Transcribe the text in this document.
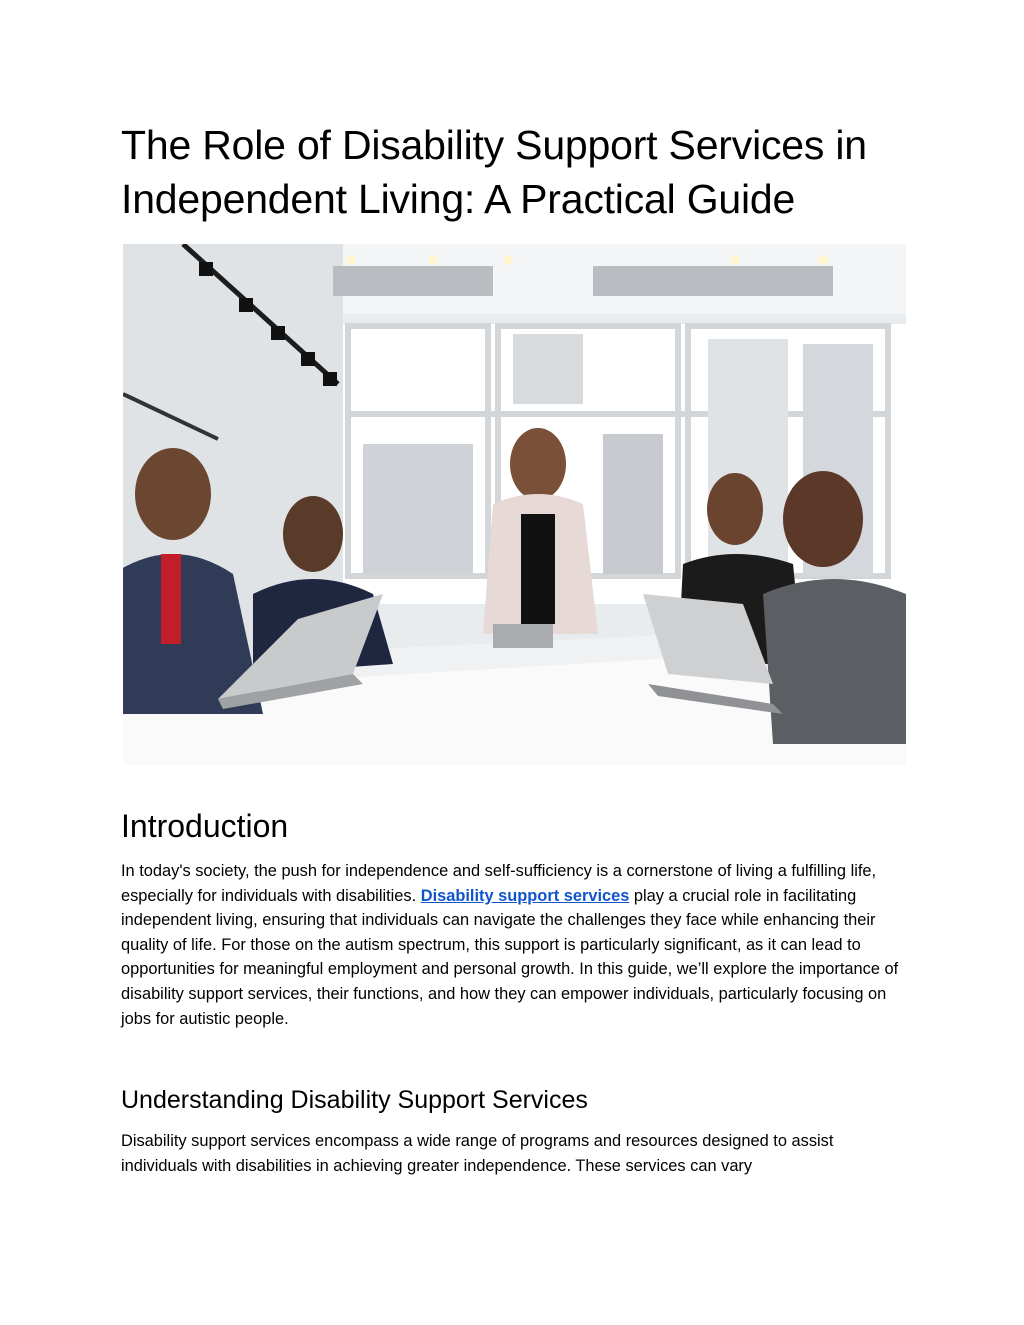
The Role of Disability Support Services in Independent Living: A Practical Guide
Introduction

In today's society, the push for independence and self-sufficiency is a cornerstone of living a fulfilling life, especially for individuals with disabilities. Disability support services play a crucial role in facilitating independent living, ensuring that individuals can navigate the challenges they face while enhancing their quality of life. For those on the autism spectrum, this support is particularly significant, as it can lead to opportunities for meaningful employment and personal growth. In this guide, we’ll explore the importance of disability support services, their functions, and how they can empower individuals, particularly focusing on jobs for autistic people.

Understanding Disability Support Services

Disability support services encompass a wide range of programs and resources designed to assist individuals with disabilities in achieving greater independence. These services can vary
